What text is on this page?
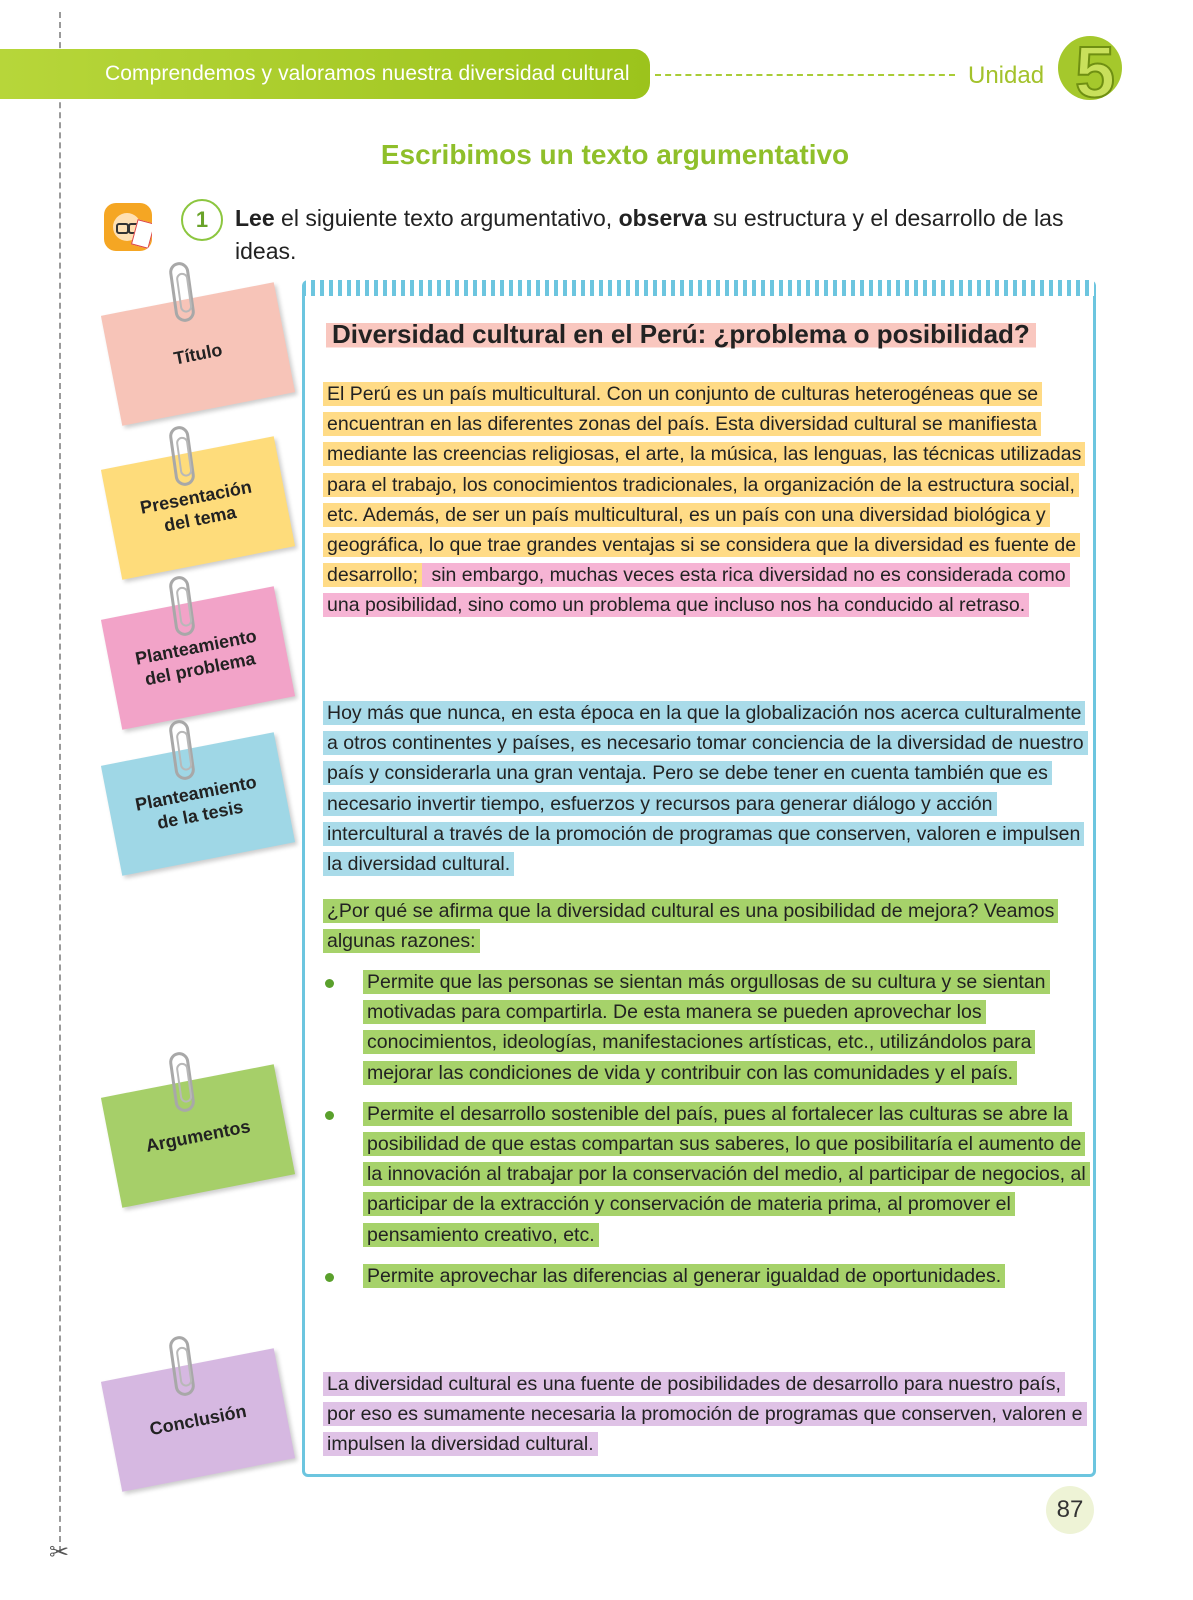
✂
Comprendemos y valoramos nuestra diversidad cultural	Unidad 5
Escribimos un texto argumentativo
1	Lee el siguiente texto argumentativo, observa su estructura y el desarrollo de las ideas.
Diversidad cultural en el Perú: ¿problema o posibilidad?
El Perú es un país multicultural. Con un conjunto de culturas heterogéneas que se encuentran en las diferentes zonas del país. Esta diversidad cultural se manifiesta mediante las creencias religiosas, el arte, la música, las lenguas, las técnicas utilizadas para el trabajo, los conocimientos tradicionales, la organización de la estructura social, etc. Además, de ser un país multicultural, es un país con una diversidad biológica y geográfica, lo que trae grandes ventajas si se considera que la diversidad es fuente de desarrollo; sin embargo, muchas veces esta rica diversidad no es considerada como una posibilidad, sino como un problema que incluso nos ha conducido al retraso.
Hoy más que nunca, en esta época en la que la globalización nos acerca culturalmente a otros continentes y países, es necesario tomar conciencia de la diversidad de nuestro país y considerarla una gran ventaja. Pero se debe tener en cuenta también que es necesario invertir tiempo, esfuerzos y recursos para generar diálogo y acción intercultural a través de la promoción de programas que conserven, valoren e impulsen la diversidad cultural.
¿Por qué se afirma que la diversidad cultural es una posibilidad de mejora? Veamos algunas razones:
Permite que las personas se sientan más orgullosas de su cultura y se sientan motivadas para compartirla. De esta manera se pueden aprovechar los conocimientos, ideologías, manifestaciones artísticas, etc., utilizándolos para mejorar las condiciones de vida y contribuir con las comunidades y el país.
Permite el desarrollo sostenible del país, pues al fortalecer las culturas se abre la posibilidad de que estas compartan sus saberes, lo que posibilitaría el aumento de la innovación al trabajar por la conservación del medio, al participar de negocios, al participar de la extracción y conservación de materia prima, al promover el pensamiento creativo, etc.
Permite aprovechar las diferencias al generar igualdad de oportunidades.
La diversidad cultural es una fuente de posibilidades de desarrollo para nuestro país, por eso es sumamente necesaria la promoción de programas que conserven, valoren e impulsen la diversidad cultural.
Título
Presentación del tema
Planteamiento del problema
Planteamiento de la tesis
Argumentos
Conclusión
87
